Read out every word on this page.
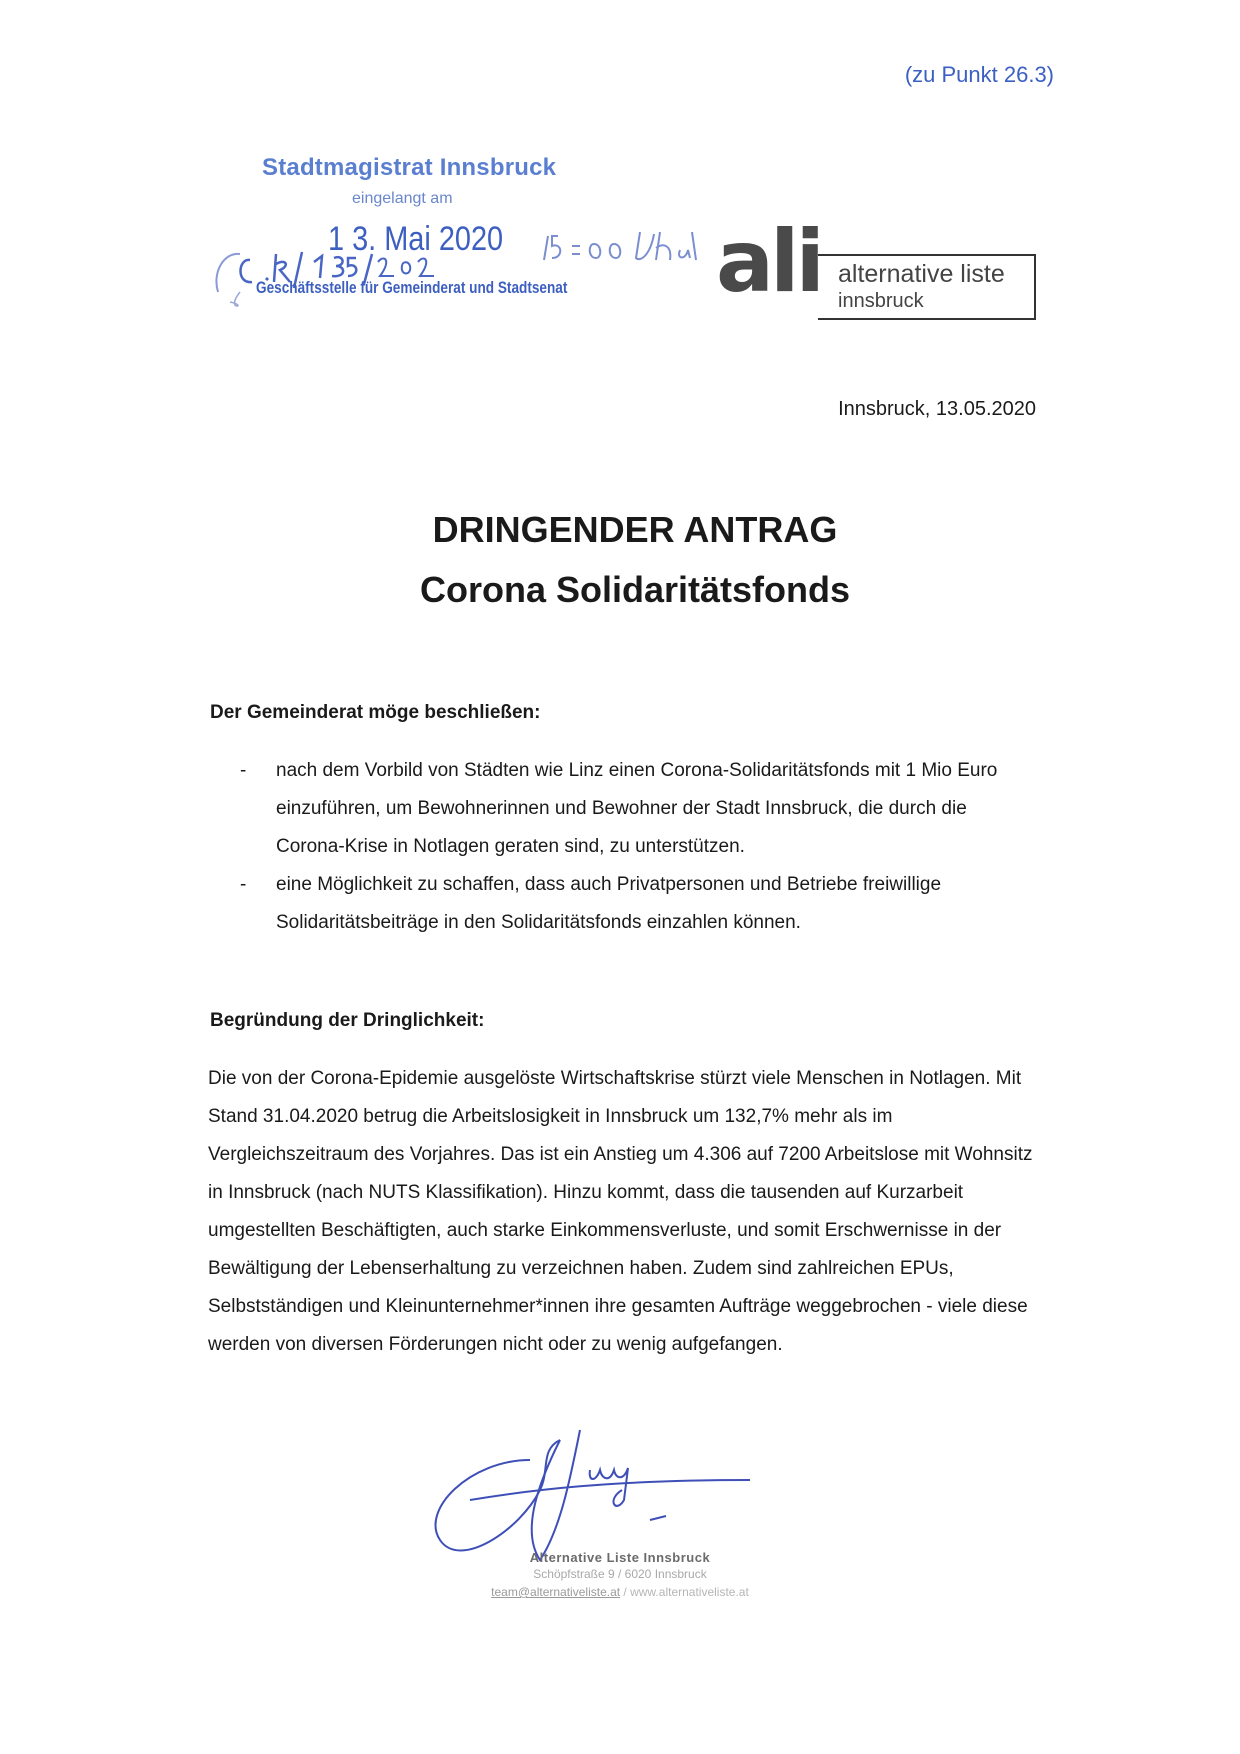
(zu Punkt 26.3)
Stadtmagistrat Innsbruck
eingelangt am
1 3. Mai 2020
Geschäftsstelle für Gemeinderat und Stadtsenat ali alternative liste
innsbruck
Innsbruck, 13.05.2020
DRINGENDER ANTRAG
Corona Solidaritätsfonds
Der Gemeinderat möge beschließen:
-	nach dem Vorbild von Städten wie Linz einen Corona-Solidaritätsfonds mit 1 Mio Euro einzuführen, um Bewohnerinnen und Bewohner der Stadt Innsbruck, die durch die Corona-Krise in Notlagen geraten sind, zu unterstützen.
-	eine Möglichkeit zu schaffen, dass auch Privatpersonen und Betriebe freiwillige Solidaritätsbeiträge in den Solidaritätsfonds einzahlen können.
Begründung der Dringlichkeit:
Die von der Corona-Epidemie ausgelöste Wirtschaftskrise stürzt viele Menschen in Notlagen. Mit Stand 31.04.2020 betrug die Arbeitslosigkeit in Innsbruck um 132,7% mehr als im Vergleichszeitraum des Vorjahres. Das ist ein Anstieg um 4.306 auf 7200 Arbeitslose mit Wohnsitz in Innsbruck (nach NUTS Klassifikation). Hinzu kommt, dass die tausenden auf Kurzarbeit umgestellten Beschäftigten, auch starke Einkommensverluste, und somit Erschwernisse in der Bewältigung der Lebenserhaltung zu verzeichnen haben. Zudem sind zahlreichen EPUs, Selbstständigen und Kleinunternehmer*innen ihre gesamten Aufträge weggebrochen - viele diese werden von diversen Förderungen nicht oder zu wenig aufgefangen.
Alternative Liste Innsbruck
Schöpfstraße 9 / 6020 Innsbruck
team@alternativeliste.at / www.alternativeliste.at
